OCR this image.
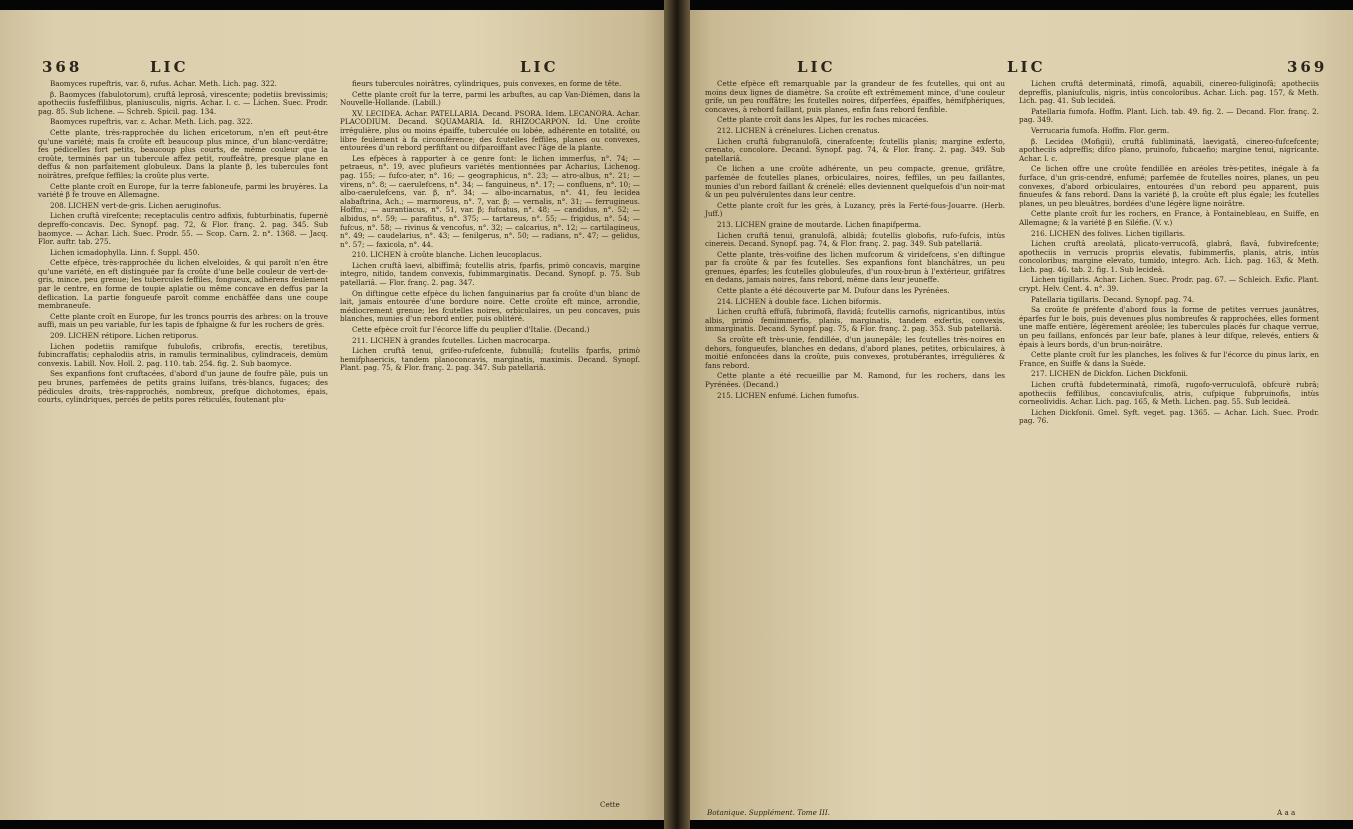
368	LIC	LIC

Baomyces rupeftris, var. δ, rufus. Achar. Meth. Lich. pag. 322.

β. Baomyces (fabulotorum), cruftâ leprosâ, virescente; podetiis brevissimis; apotheciis fusfeffilibus, planiusculis, nigris. Achar. l. c. — Lichen. Suec. Prodr. pag. 85. Sub lichene. — Schreb. Spicil. pag. 134.

Baomyces rupeftris, var. ε. Achar. Meth. Lich. pag. 322.

Cette plante, très-rapprochée du lichen ericetorum, n'en eft peut-être qu'une variété; mais fa croûte eft beaucoup plus mince, d'un blanc-verdâtre; fes pédicelles fort petits, beaucoup plus courts, de même couleur que la croûte, terminés par un tubercule affez petit, rouffeâtre, presque plane en deffus & non parfaitement globuleux. Dans la plante β, les tubercules font noirâtres, prefque feffiles; la croûte plus verte.

Cette plante croît en Europe, fur la terre fabloneufe, parmi les bruyères. La variété β fe trouve en Allemagne.

208. LICHEN vert-de-gris. Lichen aeruginofus.

Lichen cruftâ virefcente; receptaculis centro adfixis, fubturbinatis, fupernè depreffo-concavis. Dec. Synopf. pag. 72, & Flor. franç. 2. pag. 345. Sub baomyce. — Achar. Lich. Suec. Prodr. 55. — Scop. Carn. 2. n°. 1368. — Jacq. Flor. auftr. tab. 275.

Lichen icmadophylla. Linn. f. Suppl. 450.

Cette efpèce, très-rapprochée du lichen elveloides, & qui paroît n'en être qu'une variété, en eft distinguée par fa croûte d'une belle couleur de vert-de-gris, mince, peu grenue; les tubercules feffiles, fongueux, adhérens feulement par le centre, en forme de toupie aplatie ou même concave en deffus par la deflication. La partie fongueufe paroît comme enchâffée dans une coupe membraneufe.

Cette plante croît en Europe, fur les troncs pourris des arbres: on la trouve auffi, mais un peu variable, fur les tapis de fphaigne & fur les rochers de grès.

209. LICHEN rétipore. Lichen retiporus.

Lichen podetiis ramifque fubulofis, cribrofis, erectis, teretibus, fubincraffatis; cephalodiis atris, in ramulis terminalibus, cylindraceis, demùm convexis. Labill. Nov. Holl. 2. pag. 110. tab. 254. fig. 2. Sub baomyce.

Ses expanfions font cruftacées, d'abord d'un jaune de foufre pâle, puis un peu brunes, parfemées de petits grains luifans, très-blancs, fugaces; des pédicules droits, très-rapprochés, nombreux, prefque dichotomes, épais, courts, cylindriques, percés de petits pores réticulés, foutenant plu-

fieurs tubercules noirâtres, cylindriques, puis convexes, en forme de tête.

Cette plante croît fur la terre, parmi les arbuftes, au cap Van-Diémen, dans la Nouvelle-Hollande. (Labill.)

XV. LECIDEA. Achar. PATELLARIA. Decand. PSORA. Idem. LECANORA. Achar. PLACODIUM. Decand. SQUAMARIA. Id. RHIZOCARPON. Id. Une croûte irrégulière, plus ou moins épaiffe, tuberculée ou lobée, adhérente en totalité, ou libre feulement à fa circonférence; des fcutelles feffiles, planes ou convexes, entourées d'un rebord perfiftant ou difparoiffant avec l'âge de la plante.

Les efpèces à rapporter à ce genre font: le lichen immerfus, n°. 74; — petraeus, n°. 19, avec plufieurs variétés mentionnées par Acharius, Lichenog. pag. 155; — fufco-ater, n°. 16; — geographicus, n°. 23; — atro-albus, n°. 21; — virens, n°. 8; — caerulefcens, n°. 34; — fanguineus, n°. 17; — confluens, n°. 10; — albo-caerulefcens, var. β, n°. 34; — albo-incarnatus, n°. 41, feu lecidea alabaftrina, Ach.; — marmoreus, n°. 7, var. β; — vernalis, n°. 31; — ferrugineus. Hoffm.; — aurantiacus, n°. 51, var. β; fufcatus, n°. 48; — candidus, n°. 52; — albidus, n°. 59; — parafitus, n°. 375; — tartareus, n°. 55; — frigidus, n°. 54; — fufcus, n°. 58; — rivinus & vencofus, n°. 32; — calcarius, n°. 12; — cartilagineus, n°. 49; — caudelarius, n°. 43; — fenilgerus, n°. 50; — radians, n°. 47; — gelidus, n°. 57; — faxicola, n°. 44.

210. LICHEN à croûte blanche. Lichen leucoplacus.

Lichen cruftâ laevi, albiffimâ; fcutellis atris, fparfis, primò concavis, margine integro, nitido, tandem convexis, fubimmarginatis. Decand. Synopf. p. 75. Sub patellariâ. — Flor. franç. 2. pag. 347.

On diftingue cette efpèce du lichen fanguinarius par fa croûte d'un blanc de lait, jamais entourée d'une bordure noire. Cette croûte eft mince, arrondie, médiocrement grenue; les fcutelles noires, orbiculaires, un peu concaves, puis blanches, munies d'un rebord entier, puis oblitéré.

Cette efpèce croît fur l'écorce liffe du peuplier d'Italie. (Decand.)

211. LICHEN à grandes fcutelles. Lichen macrocarpa.

Lichen cruftâ tenui, grifeo-rufefcente, fubnullâ; fcutellis fparfis, primò hemifphaericis, tandem planoconcavis, marginatis, maximis. Decand. Synopf. Plant. pag. 75, & Flor. franç. 2. pag. 347. Sub patellariâ.

Cette
LIC	LIC	369

Cette efpèce eft remarquable par la grandeur de fes fcutelles, qui ont au moins deux lignes de diamètre. Sa croûte eft extrêmement mince, d'une couleur grife, un peu rouffâtre; les fcutelles noires, difperfées, épaiffes, hémifphériques, concaves, à rebord faillant, puis planes, enfin fans rebord fenfible.

Cette plante croît dans les Alpes, fur les roches micacées.

212. LICHEN à crénelures. Lichen crenatus.

Lichen cruftâ fubgranulofâ, cinerafcente; fcutellis planis; margine exferto, crenato, concolore. Decand. Synopf. pag. 74, & Flor. franç. 2. pag. 349. Sub patellariâ.

Ce lichen a une croûte adhérente, un peu compacte, grenue, grifâtre, parfemée de fcutelles planes, orbiculaires, noires, feffiles, un peu faillantes, munies d'un rebord faillant & crénelé: elles deviennent quelquefois d'un noir-mat & un peu pulvérulentes dans leur centre.

Cette plante croît fur les grès, à Luzancy, près la Ferté-fous-Jouarre. (Herb. Juff.)

213. LICHEN graine de moutarde. Lichen finapifperma.

Lichen cruftâ tenui, granulofâ, albidâ; fcutellis globofis, rufo-fufcis, intùs cinereis. Decand. Synopf. pag. 74, & Flor. franç. 2. pag. 349. Sub patellariâ.

Cette plante, très-voifine des lichen mufcorum & viridefcens, s'en diftingue par fa croûte & par fes fcutelles. Ses expanfions font blanchâtres, un peu grenues, éparfes; les fcutelles globuleufes, d'un roux-brun à l'extérieur, grifâtres en dedans, jamais noires, fans rebord, même dans leur jeuneffe.

Cette plante a été découverte par M. Dufour dans les Pyrénées.

214. LICHEN à double face. Lichen biformis.

Lichen cruftâ effufâ, fubrimofâ, flavidâ; fcutellis carnofis, nigricantibus, intùs albis, primò femiimmerfis, planis, marginatis, tandem exfertis, convexis, immarginatis. Decand. Synopf. pag. 75, & Flor. franç. 2. pag. 353. Sub patellariâ.

Sa croûte eft très-unie, fendillée, d'un jaunepâle; les fcutelles très-noires en dehors, fongueufes, blanches en dedans, d'abord planes, petites, orbiculaires, à moitié enfoncées dans la croûte, puis convexes, protubérantes, irrégulières & fans rebord.

Cette plante a été recueillie par M. Ramond, fur les rochers, dans les Pyrénées. (Decand.)

215. LICHEN enfumé. Lichen fumofus.

Lichen cruftâ determinatâ, rimofâ, aquabili, cinereo-fuliginofâ; apotheciis depreffis, planiufculis, nigris, intùs concoloribus. Achar. Lich. pag. 157, & Meth. Lich. pag. 41. Sub lecideâ.

Patellaria fumofa. Hoffm. Plant. Lich. tab. 49. fig. 2. — Decand. Flor. franç. 2. pag. 349.

Verrucaria fumofa. Hoffm. Flor. germ.

β. Lecidea (Mofigii), cruftâ fubliminatâ, laevigatâ, cinereo-fufcefcente; apotheciis adpreffis; difco plano, pruinofo, fubcaefio; margine tenui, nigricante. Achar. l. c.

Ce lichen offre une croûte fendillée en aréoles très-petites, inégale à fa furface, d'un gris-cendré, enfumé; parfemée de fcutelles noires, planes, un peu convexes, d'abord orbiculaires, entourées d'un rebord peu apparent, puis finueufes & fans rebord. Dans la variété β, la croûte eft plus égale; les fcutelles planes, un peu bleuâtres, bordées d'une légère ligne noirâtre.

Cette plante croît fur les rochers, en France, à Fontainebleau, en Suiffe, en Allemagne; & la variété β en Siléfie. (V. v.)

216. LICHEN des folives. Lichen tigillaris.

Lichen cruftâ areolatâ, plicato-verrucofâ, glabrâ, flavâ, fubvirefcente; apotheciis in verrucis propriis elevatis, fubimmerfis, planis, atris, intùs concoloribus; margine elevato, tumido, integro. Ach. Lich. pag. 163, & Meth. Lich. pag. 46. tab. 2. fig. 1. Sub lecideâ.

Lichen tigillaris. Achar. Lichen. Suec. Prodr. pag. 67. — Schleich. Exfic. Plant. crypt. Helv. Cent. 4. n°. 39.

Patellaria tigillaris. Decand. Synopf. pag. 74.

Sa croûte fe préfente d'abord fous la forme de petites verrues jaunâtres, éparfes fur le bois, puis devenues plus nombreufes & rapprochées, elles forment une maffe entière, légèrement aréolée; les tubercules placés fur chaque verrue, un peu faillans, enfoncés par leur bafe, planes à leur difque, relevés, entiers & épais à leurs bords, d'un brun-noirâtre.

Cette plante croît fur les planches, les folives & fur l'écorce du pinus larix, en France, en Suiffe & dans la Suède.

217. LICHEN de Dickfon. Lichen Dickfonii.

Lichen cruftâ fubdeterminatâ, rimofâ, rugofo-verruculofâ, obfcurè rubrâ; apotheciis feffilibus, concaviufculis, atris, cufpique fubpruinofis, intùs corneolividis. Achar. Lich. pag. 165, & Meth. Lichen. pag. 55. Sub lecideâ.

Lichen Dickfonii. Gmel. Syft. veget. pag. 1365. — Achar. Lich. Suec. Prodr. pag. 76.

Botanique. Supplément. Tome III.	A a a
